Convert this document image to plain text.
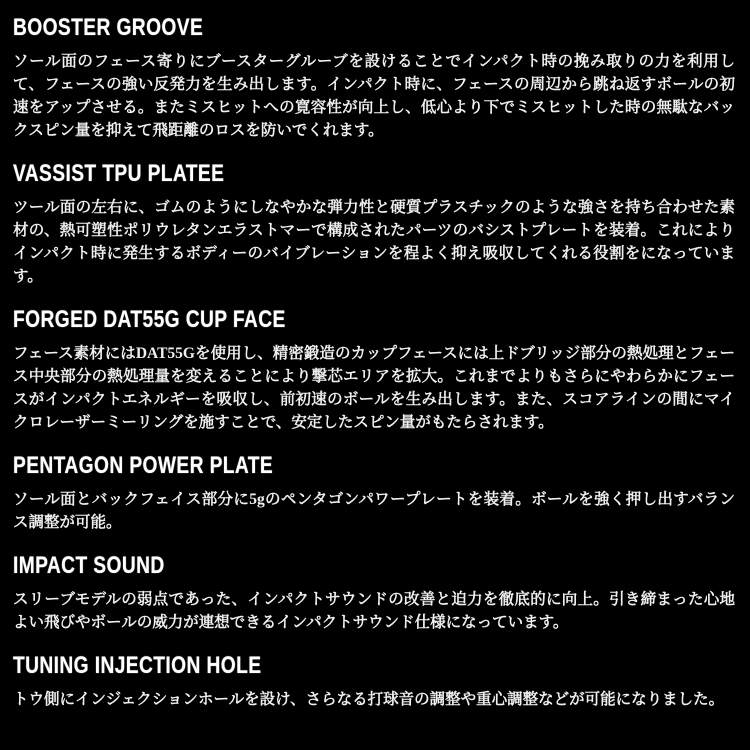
BOOSTER GROOVE

ソール面のフェース寄りにブースターグルーブを設けることでインパクト時の挽み取りの力を利用して、フェースの強い反発力を生み出します。インパクト時に、フェースの周辺から跳ね返すボールの初速をアップさせる。またミスヒットへの寛容性が向上し、低心より下でミスヒットした時の無駄なバックスピン量を抑えて飛距離のロスを防いでくれます。

VASSIST TPU PLATEE

ツール面の左右に、ゴムのようにしなやかな弾力性と硬質プラスチックのような強さを持ち合わせた素材の、熱可塑性ポリウレタンエラストマーで構成されたパーツのバシストプレートを装着。これによりインパクト時に発生するボディーのバイブレーションを程よく抑え吸収してくれる役割をになっています。

FORGED DAT55G CUP FACE

フェース素材にはDAT55Gを使用し、精密鍛造のカップフェースには上ドブリッジ部分の熱処理とフェース中央部分の熱処理量を変えることにより撃芯エリアを拡大。これまでよりもさらにやわらかにフェースがインパクトエネルギーを吸収し、前初速のボールを生み出します。また、スコアラインの間にマイクロレーザーミーリングを施すことで、安定したスピン量がもたらされます。

PENTAGON POWER PLATE

ソール面とバックフェイス部分に5gのペンタゴンパワープレートを装着。ボールを強く押し出すバランス調整が可能。

IMPACT SOUND

スリーブモデルの弱点であった、インパクトサウンドの改善と迫力を徹底的に向上。引き締まった心地よい飛びやボールの威力が連想できるインパクトサウンド仕様になっています。

TUNING INJECTION HOLE

トウ側にインジェクションホールを設け、さらなる打球音の調整や重心調整などが可能になりました。
